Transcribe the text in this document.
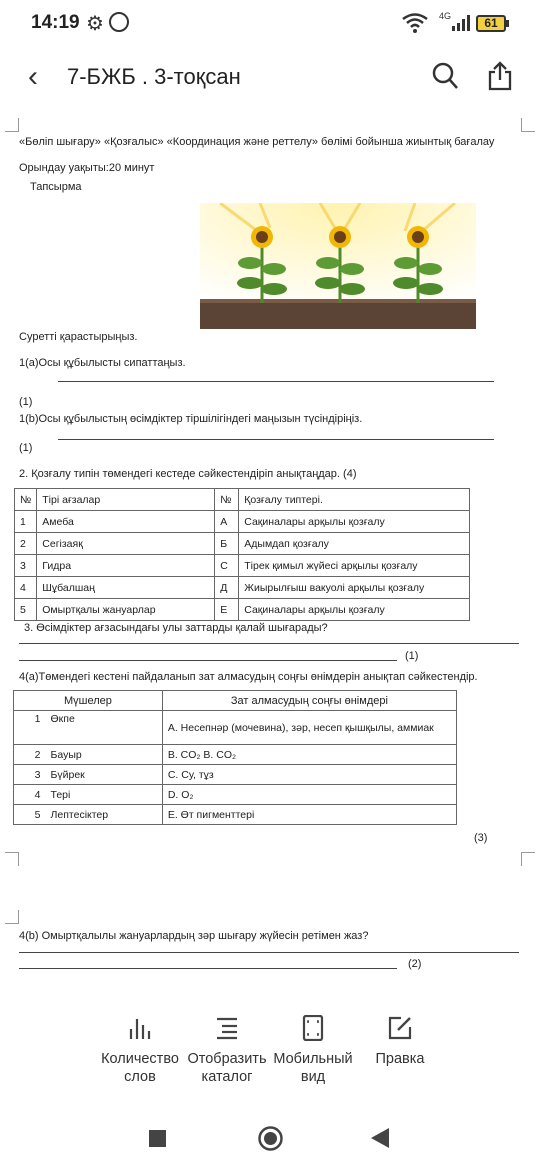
14:19 ⚙	4G	61
‹ 7-БЖБ . 3-тоқсан
«Бөліп шығару» «Қозғалыс» «Координация және реттелу» бөлімі бойынша жиынтық бағалау
Орындау уақыты:20 минут
Тапсырма
Суретті қарастырыңыз.
1(а)Осы құбылысты сипаттаңыз.
(1)
1(b)Осы құбылыстың өсімдіктер тіршілігіндегі маңызын түсіндіріңіз.
(1)
2. Қозғалу типін төмендегі кестеде сәйкестендіріп анықтаңдар. (4)
№	Тірі ағзалар	№	Қозғалу типтері.
1	Амеба	А	Сақиналары арқылы қозғалу
2	Сегізаяқ	Б	Адымдап қозғалу
3	Гидра	С	Тірек қимыл жүйесі арқылы қозғалу
4	Шұбалшаң	Д	Жиырылғыш вакуолі арқылы қозғалу
5	Омыртқалы жануарлар	Е	Сақиналары арқылы қозғалу
3. Өсімдіктер ағзасындағы улы заттарды қалай шығарады?
(1)
4(а)Төмендегі кестені пайдаланып зат алмасудың соңғы өнімдерін анықтап сәйкестендір.
Мүшелер		Зат алмасудың соңғы өнімдері
1	Өкпе	А. Несепнәр (мочевина), зәр, несеп қышқылы, аммиак
2	Бауыр	В. CO₂ B. CO₂
3	Бүйрек	С. Су, тұз
4	Тері	D. O₂
5	Лептесіктер	Е. Өт пигменттері
(3)
4(b) Омыртқалылы жануарлардың зәр шығару жүйесін ретімен жаз?
(2)
Количество слов
Отобразить каталог
Мобильный вид
Правка
